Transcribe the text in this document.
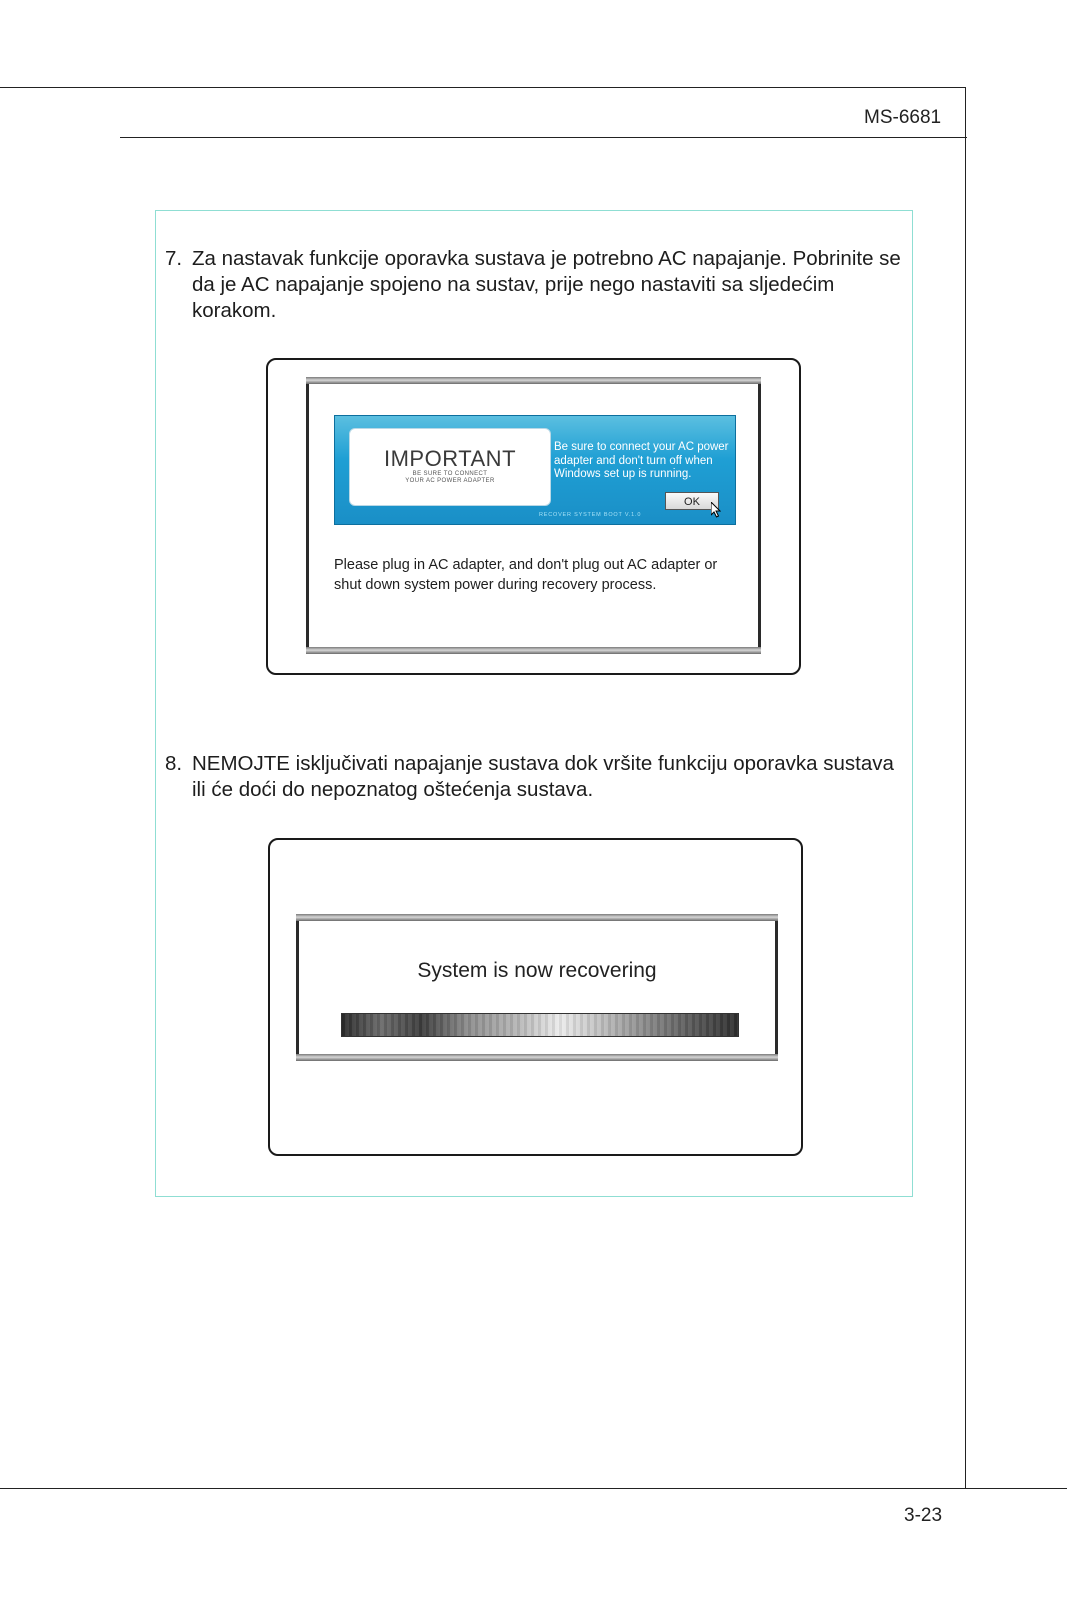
MS-6681
3-23
7. Za nastavak funkcije oporavka sustava je potrebno AC napajanje. Pobrinite se da je AC napajanje spojeno na sustav, prije nego nastaviti sa sljedećim korakom.
IMPORTANT
BE SURE TO CONNECT
YOUR AC POWER ADAPTER
Be sure to connect your AC power adapter and don't turn off when Windows set up is running.
OK
RECOVER SYSTEM BOOT V.1.0
Please plug in AC adapter, and don't plug out AC adapter or shut down system power during recovery process.
8. NEMOJTE isključivati napajanje sustava dok vršite funkciju oporavka sustava ili će doći do nepoznatog oštećenja sustava.
System is now recovering
